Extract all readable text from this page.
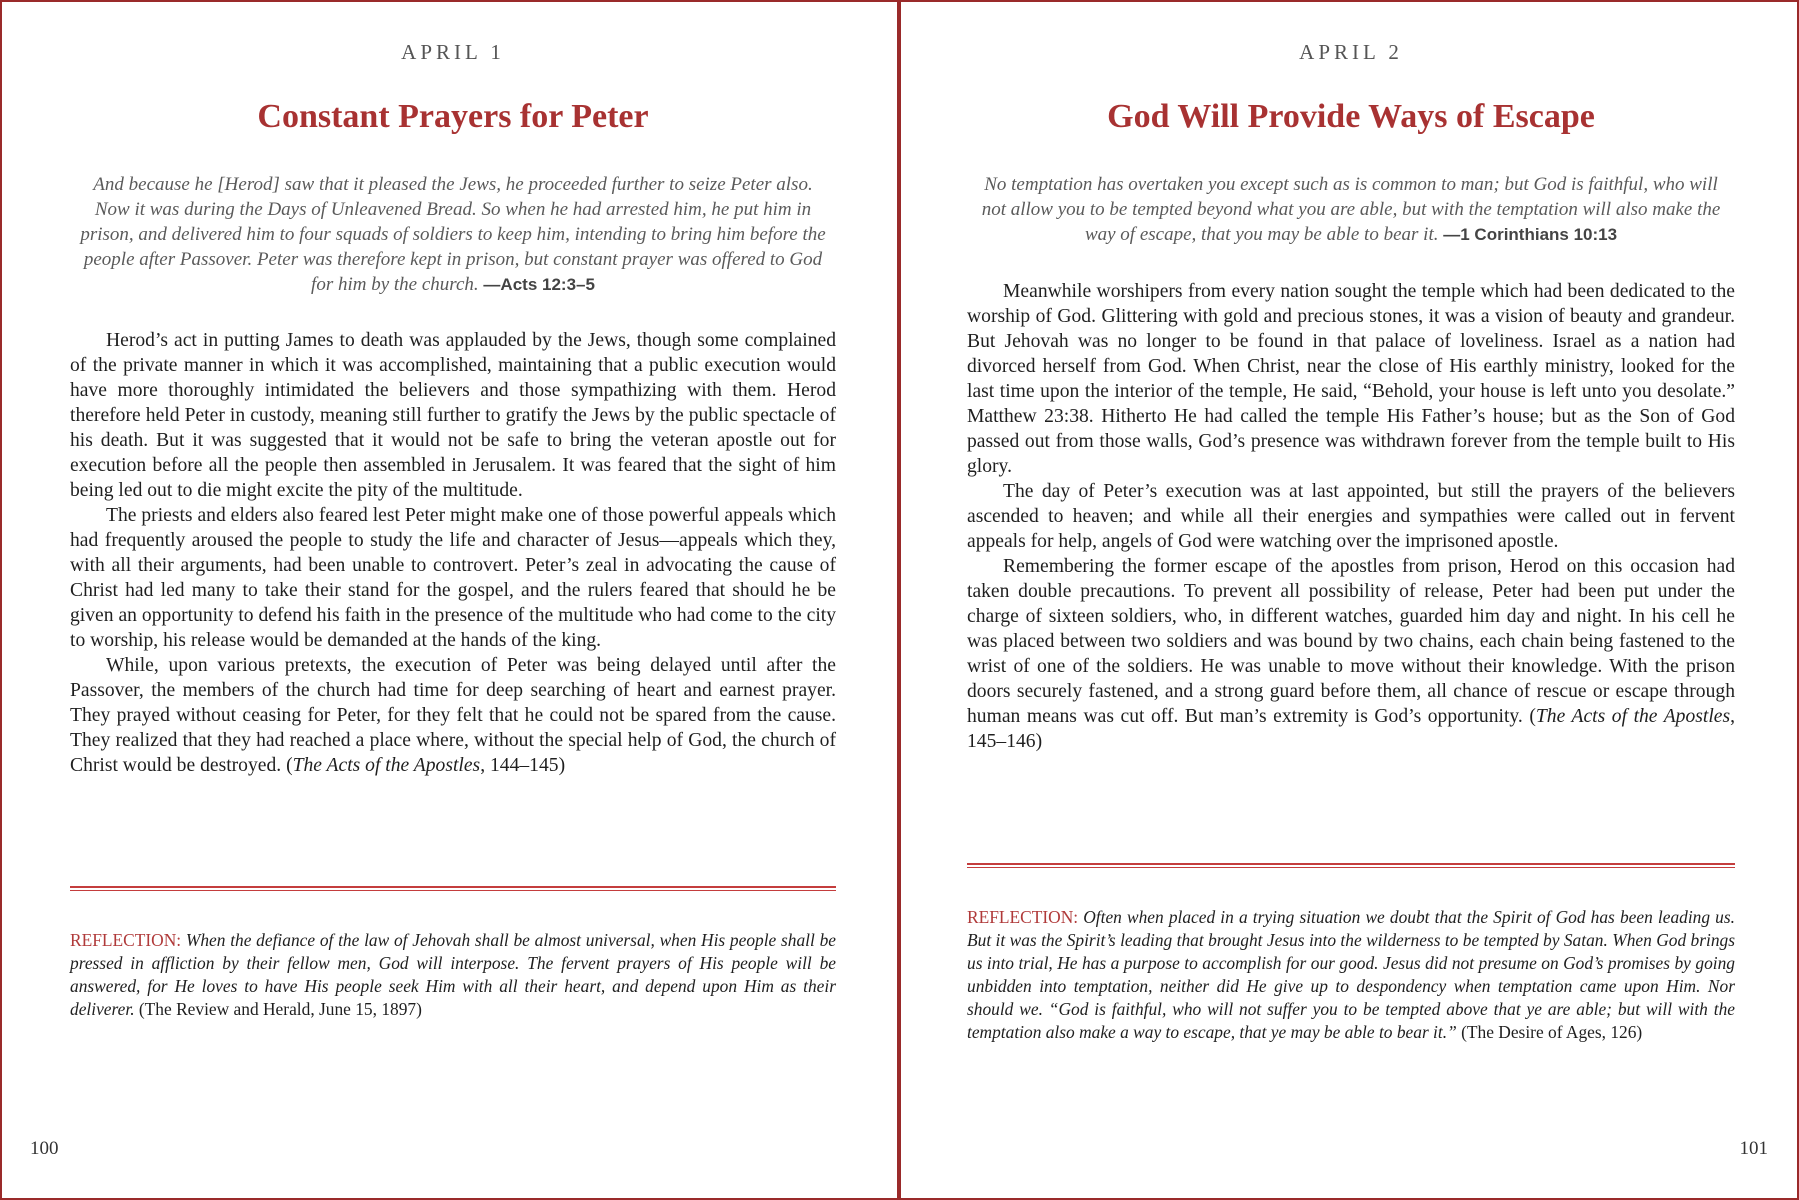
APRIL 1
Constant Prayers for Peter
And because he [Herod] saw that it pleased the Jews, he proceeded further to seize Peter also. Now it was during the Days of Unleavened Bread. So when he had arrested him, he put him in prison, and delivered him to four squads of soldiers to keep him, intending to bring him before the people after Passover. Peter was therefore kept in prison, but constant prayer was offered to God for him by the church. —Acts 12:3–5

Herod’s act in putting James to death was applauded by the Jews, though some complained of the private manner in which it was accomplished, maintaining that a public execution would have more thoroughly intimidated the believers and those sympathizing with them. Herod therefore held Peter in custody, meaning still further to gratify the Jews by the public spectacle of his death. But it was suggested that it would not be safe to bring the veteran apostle out for execution before all the people then assembled in Jerusalem. It was feared that the sight of him being led out to die might excite the pity of the multitude.

The priests and elders also feared lest Peter might make one of those powerful appeals which had frequently aroused the people to study the life and character of Jesus—appeals which they, with all their arguments, had been unable to controvert. Peter’s zeal in advocating the cause of Christ had led many to take their stand for the gospel, and the rulers feared that should he be given an opportunity to defend his faith in the presence of the multitude who had come to the city to worship, his release would be demanded at the hands of the king.

While, upon various pretexts, the execution of Peter was being delayed until after the Passover, the members of the church had time for deep searching of heart and earnest prayer. They prayed without ceasing for Peter, for they felt that he could not be spared from the cause. They realized that they had reached a place where, without the special help of God, the church of Christ would be destroyed. (The Acts of the Apostles, 144–145)

REFLECTION: When the defiance of the law of Jehovah shall be almost universal, when His people shall be pressed in affliction by their fellow men, God will interpose. The fervent prayers of His people will be answered, for He loves to have His people seek Him with all their heart, and depend upon Him as their deliverer. (The Review and Herald, June 15, 1897)
100
APRIL 2
God Will Provide Ways of Escape
No temptation has overtaken you except such as is common to man; but God is faithful, who will not allow you to be tempted beyond what you are able, but with the temptation will also make the way of escape, that you may be able to bear it. —1 Corinthians 10:13

Meanwhile worshipers from every nation sought the temple which had been dedicated to the worship of God. Glittering with gold and precious stones, it was a vision of beauty and grandeur. But Jehovah was no longer to be found in that palace of loveliness. Israel as a nation had divorced herself from God. When Christ, near the close of His earthly ministry, looked for the last time upon the interior of the temple, He said, “Behold, your house is left unto you desolate.” Matthew 23:38. Hitherto He had called the temple His Father’s house; but as the Son of God passed out from those walls, God’s presence was withdrawn forever from the temple built to His glory.

The day of Peter’s execution was at last appointed, but still the prayers of the believers ascended to heaven; and while all their energies and sympathies were called out in fervent appeals for help, angels of God were watching over the imprisoned apostle.

Remembering the former escape of the apostles from prison, Herod on this occasion had taken double precautions. To prevent all possibility of release, Peter had been put under the charge of sixteen soldiers, who, in different watches, guarded him day and night. In his cell he was placed between two soldiers and was bound by two chains, each chain being fastened to the wrist of one of the soldiers. He was unable to move without their knowledge. With the prison doors securely fastened, and a strong guard before them, all chance of rescue or escape through human means was cut off. But man’s extremity is God’s opportunity. (The Acts of the Apostles, 145–146)

REFLECTION: Often when placed in a trying situation we doubt that the Spirit of God has been leading us. But it was the Spirit’s leading that brought Jesus into the wilderness to be tempted by Satan. When God brings us into trial, He has a purpose to accomplish for our good. Jesus did not presume on God’s promises by going unbidden into temptation, neither did He give up to despondency when temptation came upon Him. Nor should we. “God is faithful, who will not suffer you to be tempted above that ye are able; but will with the temptation also make a way to escape, that ye may be able to bear it.” (The Desire of Ages, 126)
101
